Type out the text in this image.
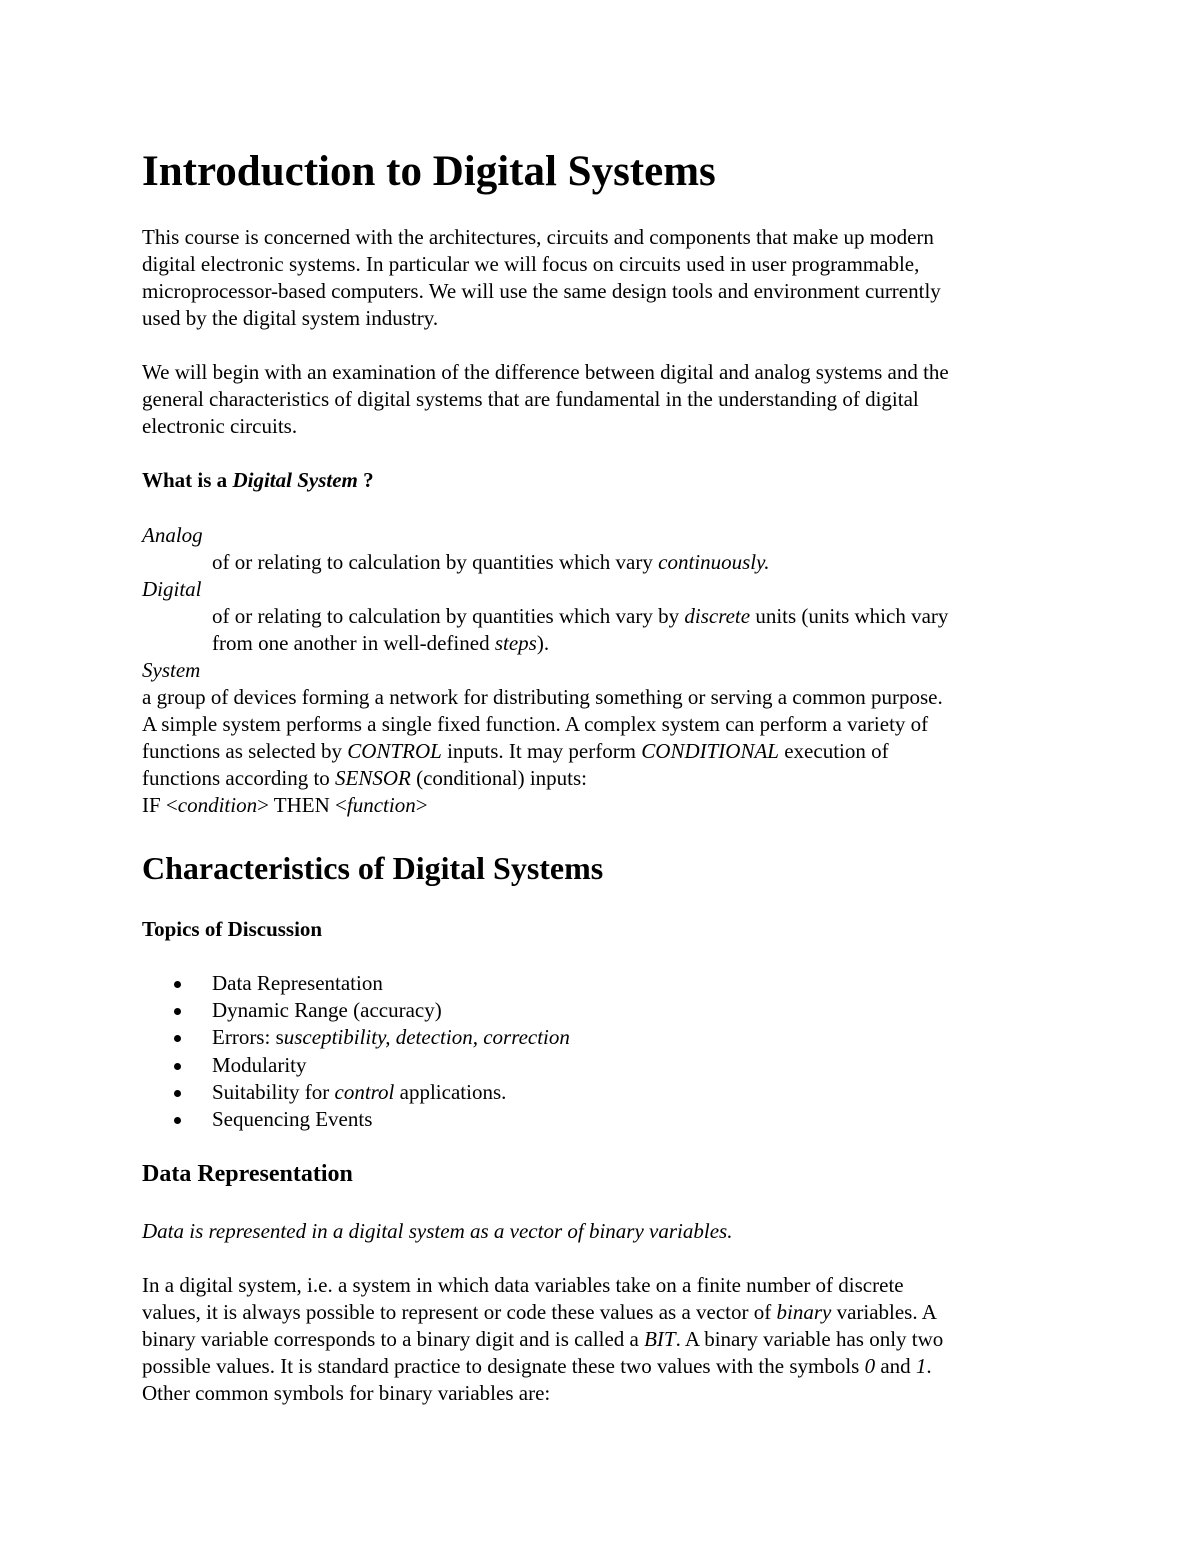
Introduction to Digital Systems
This course is concerned with the architectures, circuits and components that make up modern
digital electronic systems. In particular we will focus on circuits used in user programmable,
microprocessor-based computers. We will use the same design tools and environment currently
used by the digital system industry.
We will begin with an examination of the difference between digital and analog systems and the
general characteristics of digital systems that are fundamental in the understanding of digital
electronic circuits.
What is a Digital System ?
Analog
of or relating to calculation by quantities which vary continuously.
Digital
of or relating to calculation by quantities which vary by discrete units (units which vary
from one another in well-defined steps).
System
a group of devices forming a network for distributing something or serving a common purpose.
A simple system performs a single fixed function. A complex system can perform a variety of
functions as selected by CONTROL inputs. It may perform CONDITIONAL execution of
functions according to SENSOR (conditional) inputs:
IF <condition> THEN <function>
Characteristics of Digital Systems
Topics of Discussion
Data Representation
Dynamic Range (accuracy)
Errors: susceptibility, detection, correction
Modularity
Suitability for control applications.
Sequencing Events
Data Representation
Data is represented in a digital system as a vector of binary variables.
In a digital system, i.e. a system in which data variables take on a finite number of discrete
values, it is always possible to represent or code these values as a vector of binary variables. A
binary variable corresponds to a binary digit and is called a BIT. A binary variable has only two
possible values. It is standard practice to designate these two values with the symbols 0 and 1.
Other common symbols for binary variables are:
